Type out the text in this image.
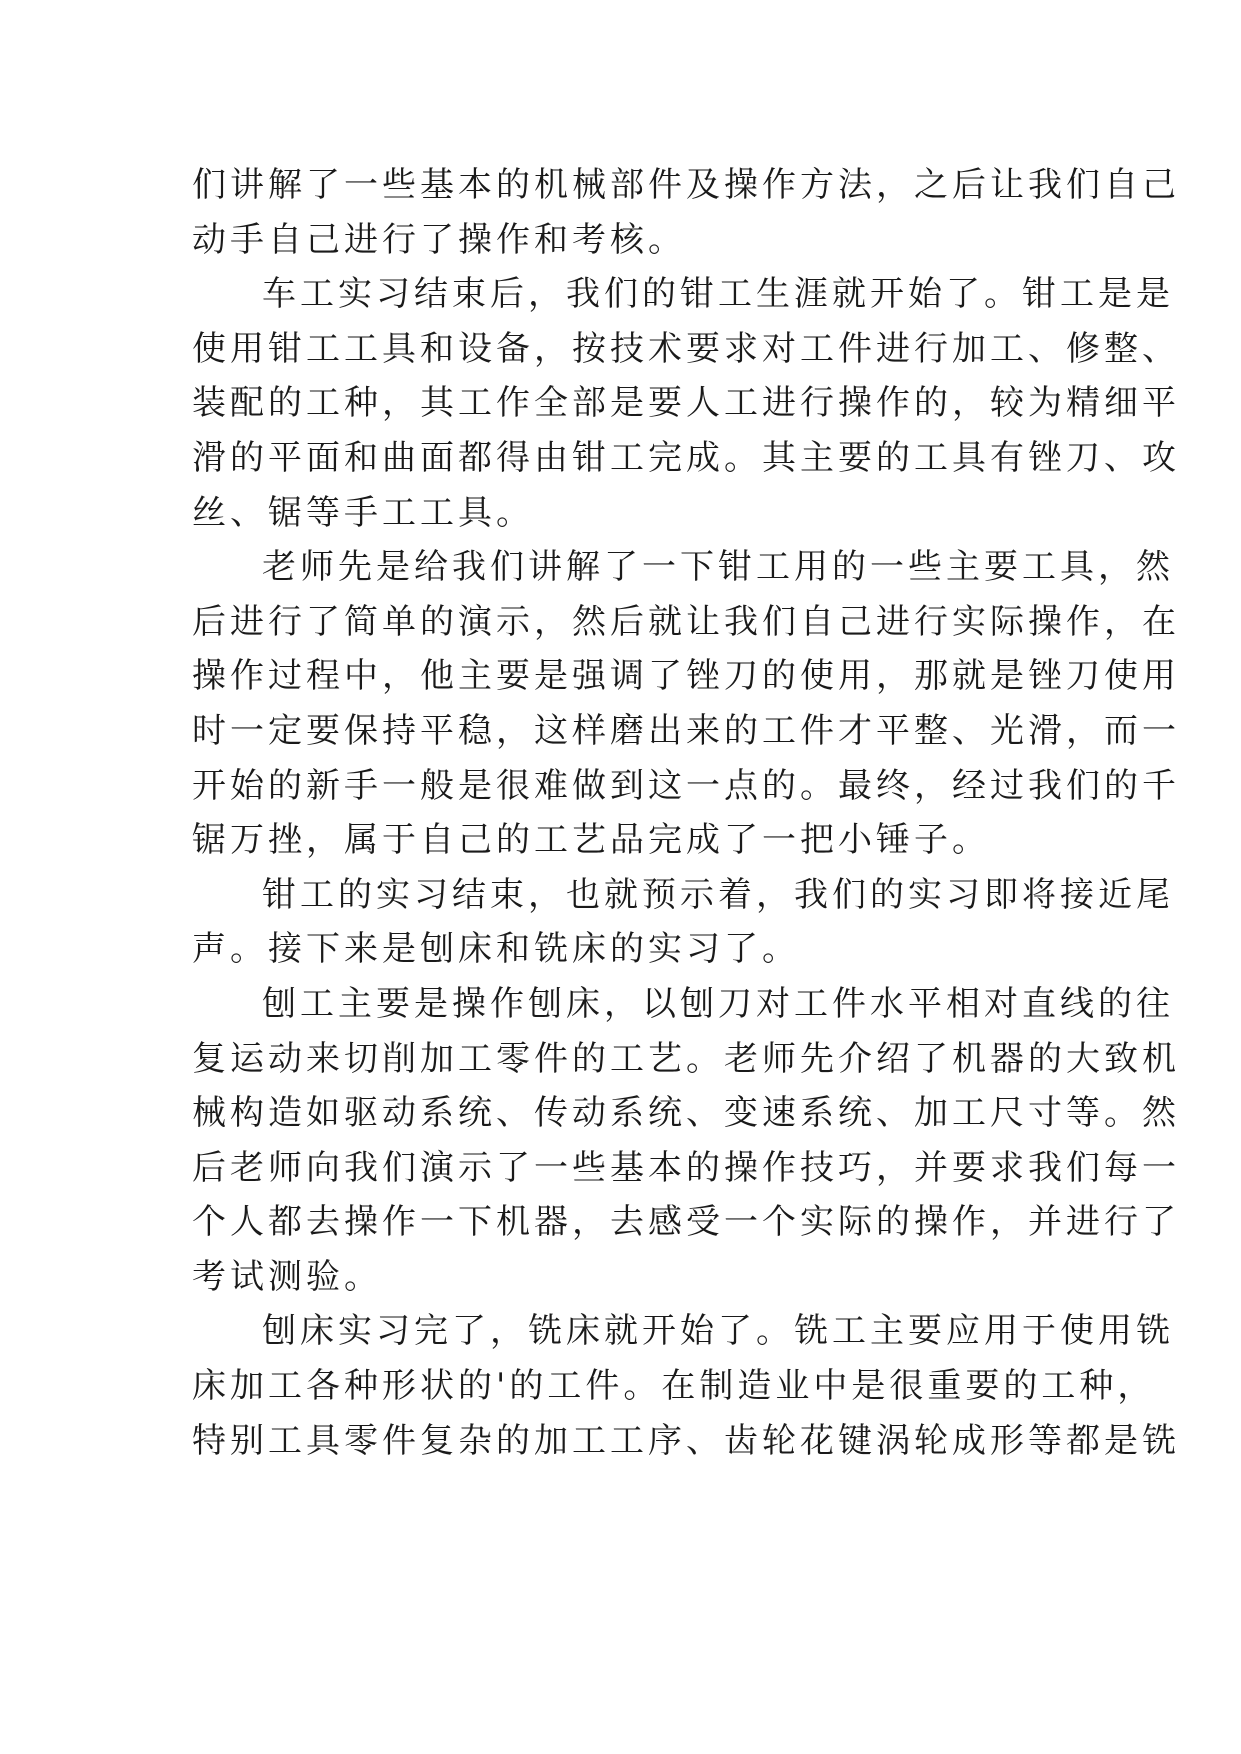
们讲解了一些基本的机械部件及操作方法，之后让我们自己
动手自己进行了操作和考核。
车工实习结束后，我们的钳工生涯就开始了。钳工是是
使用钳工工具和设备，按技术要求对工件进行加工、修整、
装配的工种，其工作全部是要人工进行操作的，较为精细平
滑的平面和曲面都得由钳工完成。其主要的工具有锉刀、攻
丝、锯等手工工具。
老师先是给我们讲解了一下钳工用的一些主要工具，然
后进行了简单的演示，然后就让我们自己进行实际操作，在
操作过程中，他主要是强调了锉刀的使用，那就是锉刀使用
时一定要保持平稳，这样磨出来的工件才平整、光滑，而一
开始的新手一般是很难做到这一点的。最终，经过我们的千
锯万挫，属于自己的工艺品完成了一把小锤子。
钳工的实习结束，也就预示着，我们的实习即将接近尾
声。接下来是刨床和铣床的实习了。
刨工主要是操作刨床，以刨刀对工件水平相对直线的往
复运动来切削加工零件的工艺。老师先介绍了机器的大致机
械构造如驱动系统、传动系统、变速系统、加工尺寸等。然
后老师向我们演示了一些基本的操作技巧，并要求我们每一
个人都去操作一下机器，去感受一个实际的操作，并进行了
考试测验。
刨床实习完了，铣床就开始了。铣工主要应用于使用铣
床加工各种形状的'的工件。在制造业中是很重要的工种，
特别工具零件复杂的加工工序、齿轮花键涡轮成形等都是铣
